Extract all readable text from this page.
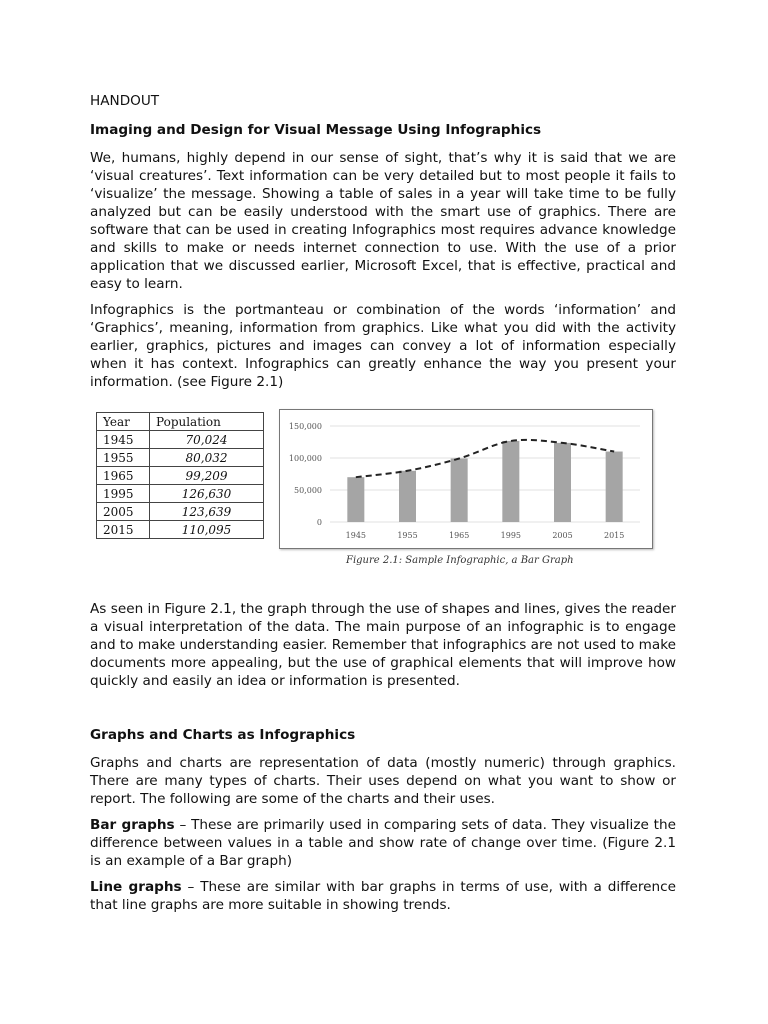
HANDOUT

Imaging and Design for Visual Message Using Infographics

We, humans, highly depend in our sense of sight, that’s why it is said that we are ‘visual creatures’. Text information can be very detailed but to most people it fails to ‘visualize’ the message. Showing a table of sales in a year will take time to be fully analyzed but can be easily understood with the smart use of graphics. There are software that can be used in creating Infographics most requires advance knowledge and skills to make or needs internet connection to use. With the use of a prior application that we discussed earlier, Microsoft Excel, that is effective, practical and easy to learn.

Infographics is the portmanteau or combination of the words ‘information’ and ‘Graphics’, meaning, information from graphics. Like what you did with the activity earlier, graphics, pictures and images can convey a lot of information especially when it has context. Infographics can greatly enhance the way you present your information. (see Figure 2.1)

Year	Population
1945	70,024
1955	80,032
1965	99,209
1995	126,630
2005	123,639
2015	110,095	0
50,000
100,000
150,000
1945	1955	1965	1995	2005	2015
Figure 2.1: Sample Infographic, a Bar Graph

As seen in Figure 2.1, the graph through the use of shapes and lines, gives the reader a visual interpretation of the data. The main purpose of an infographic is to engage and to make understanding easier. Remember that infographics are not used to make documents more appealing, but the use of graphical elements that will improve how quickly and easily an idea or information is presented.

Graphs and Charts as Infographics

Graphs and charts are representation of data (mostly numeric) through graphics. There are many types of charts. Their uses depend on what you want to show or report. The following are some of the charts and their uses.

Bar graphs – These are primarily used in comparing sets of data. They visualize the difference between values in a table and show rate of change over time. (Figure 2.1 is an example of a Bar graph)

Line graphs – These are similar with bar graphs in terms of use, with a difference that line graphs are more suitable in showing trends.
